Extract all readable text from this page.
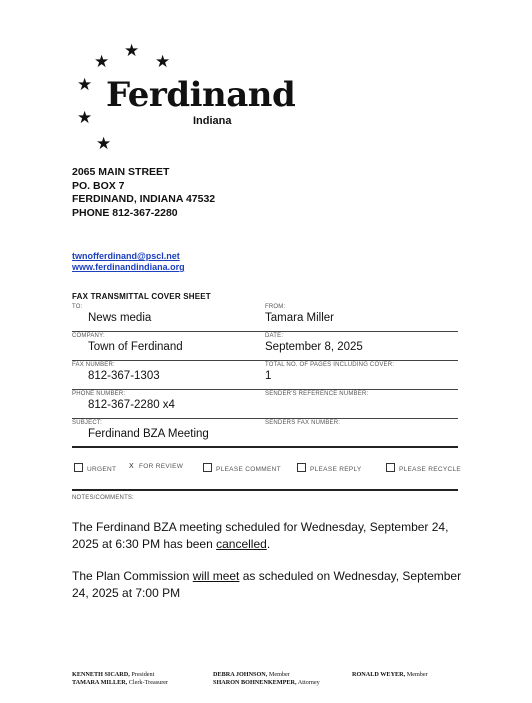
★
★
★
★
★
★
Ferdinand
Indiana
2065 MAIN STREET
PO. BOX 7
FERDINAND, INDIANA 47532
PHONE 812-367-2280
twnofferdinand@pscl.net
www.ferdinandindiana.org
FAX TRANSMITTAL COVER SHEET
TO:
News media
FROM:
Tamara Miller
COMPANY:
Town of Ferdinand
DATE:
September 8, 2025
FAX NUMBER:
812-367-1303
TOTAL NO. OF PAGES INCLUDING COVER:
1
PHONE NUMBER:
812-367-2280 x4
SENDER'S REFERENCE NUMBER:
SUBJECT:
Ferdinand BZA Meeting
SENDERS FAX NUMBER:
URGENT X FOR REVIEW	PLEASE COMMENT	PLEASE REPLY	PLEASE RECYCLE
NOTES/COMMENTS:

The Ferdinand BZA meeting scheduled for Wednesday, September 24, 2025 at 6:30 PM has been cancelled.

The Plan Commission will meet as scheduled on Wednesday, September 24, 2025 at 7:00 PM

KENNETH SICARD, President
TAMARA MILLER, Clerk-Treasurer
DEBRA JOHNSON, Member
SHARON BOHNENKEMPER, Attorney
RONALD WEYER, Member
